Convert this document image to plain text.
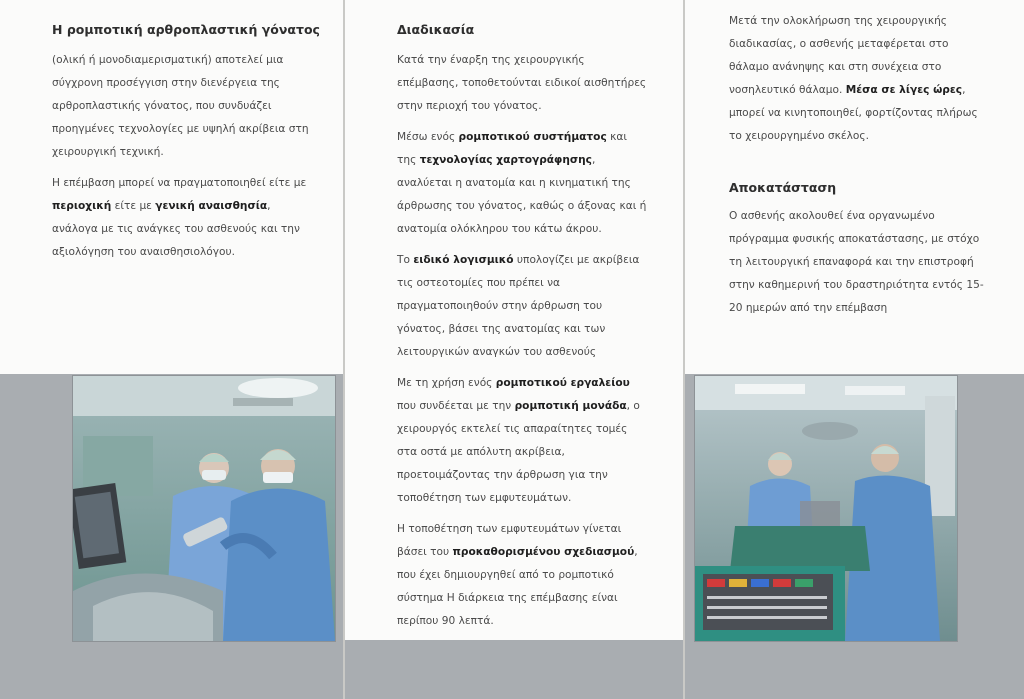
Η ρομποτική αρθροπλαστική γόνατος

(ολική ή μονοδιαμερισματική) αποτελεί μια σύγχρονη προσέγγιση στην διενέργεια της αρθροπλαστικής γόνατος, που συνδυάζει προηγμένες τεχνολογίες με υψηλή ακρίβεια στη χειρουργική τεχνική.

Η επέμβαση μπορεί να πραγματοποιηθεί είτε με περιοχική είτε με γενική αναισθησία, ανάλογα με τις ανάγκες του ασθενούς και την αξιολόγηση του αναισθησιολόγου.

Διαδικασία

Κατά την έναρξη της χειρουργικής επέμβασης, τοποθετούνται ειδικοί αισθητήρες στην περιοχή του γόνατος.

Μέσω ενός ρομποτικού συστήματος και της τεχνολογίας χαρτογράφησης, αναλύεται η ανατομία και η κινηματική της άρθρωσης του γόνατος, καθώς ο άξονας και ή ανατομία ολόκληρου του κάτω άκρου.

Το ειδικό λογισμικό υπολογίζει με ακρίβεια τις οστεοτομίες που πρέπει να πραγματοποιηθούν στην άρθρωση του γόνατος, βάσει της ανατομίας και των λειτουργικών αναγκών του ασθενούς

Με τη χρήση ενός ρομποτικού εργαλείου που συνδέεται με την ρομποτική μονάδα, ο χειρουργός εκτελεί τις απαραίτητες τομές στα οστά με απόλυτη ακρίβεια, προετοιμάζοντας την άρθρωση για την τοποθέτηση των εμφυτευμάτων.

Η τοποθέτηση των εμφυτευμάτων γίνεται βάσει του προκαθορισμένου σχεδιασμού, που έχει δημιουργηθεί από το ρομποτικό σύστημα Η διάρκεια της επέμβασης είναι περίπου 90 λεπτά.

Μετά την ολοκλήρωση της χειρουργικής διαδικασίας, ο ασθενής μεταφέρεται στο θάλαμο ανάνηψης και στη συνέχεια στο νοσηλευτικό θάλαμο. Μέσα σε λίγες ώρες, μπορεί να κινητοποιηθεί, φορτίζοντας πλήρως το χειρουργημένο σκέλος.

Αποκατάσταση

Ο ασθενής ακολουθεί ένα οργανωμένο πρόγραμμα φυσικής αποκατάστασης, με στόχο τη λειτουργική επαναφορά και την επιστροφή στην καθημερινή του δραστηριότητα εντός 15-20 ημερών από την επέμβαση
